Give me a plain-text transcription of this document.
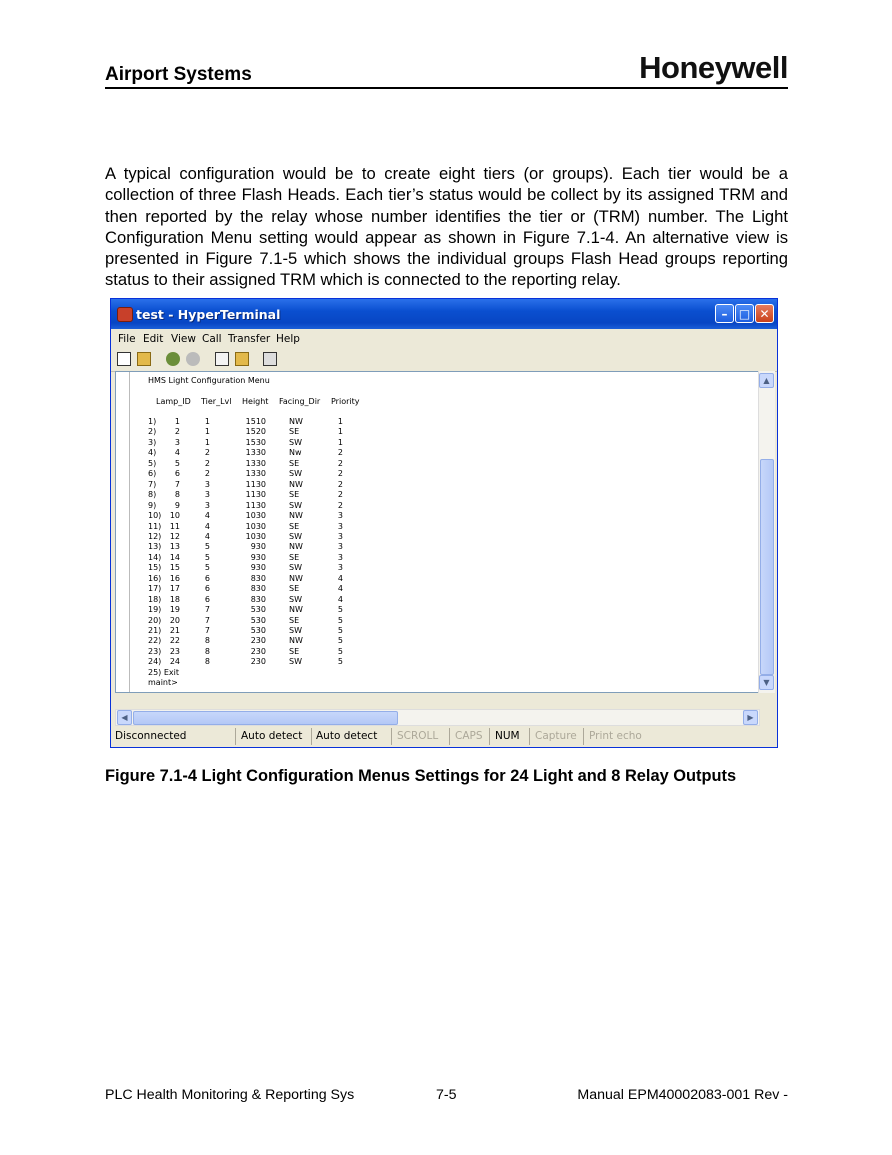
Airport Systems	Honeywell
A typical configuration would be to create eight tiers (or groups). Each tier would be a collection of three Flash Heads. Each tier’s status would be collect by its assigned TRM and then reported by the relay whose number identifies the tier or (TRM) number. The Light Configuration Menu setting would appear as shown in Figure 7.1-4. An alternative view is presented in Figure 7.1-5 which shows the individual groups Flash Head groups reporting status to their assigned TRM which is connected to the reporting relay.
test - HyperTerminal	– □ ✕
File Edit View Call Transfer Help
HMS Light Configuration Menu
Lamp_ID Tier_Lvl Height Facing_Dir Priority
1)	1	1	1510	NW	1
2)	2	1	1520	SE	1
3)	3	1	1530	SW	1
4)	4	2	1330	Nw	2
5)	5	2	1330	SE	2
6)	6	2	1330	SW	2
7)	7	3	1130	NW	2
8)	8	3	1130	SE	2
9)	9	3	1130	SW	2
10)	10	4	1030	NW	3
11)	11	4	1030	SE	3
12)	12	4	1030	SW	3
13)	13	5	930	NW	3
14)	14	5	930	SE	3
15)	15	5	930	SW	3
16)	16	6	830	NW	4
17)	17	6	830	SE	4
18)	18	6	830	SW	4
19)	19	7	530	NW	5
20)	20	7	530	SE	5
21)	21	7	530	SW	5
22)	22	8	230	NW	5
23)	23	8	230	SE	5
24)	24	8	230	SW	5
25) Exit
maint>
▲
▼
◀	▶
Disconnected	Auto detect Auto detect SCROLL CAPS NUM Capture Print echo
Figure 7.1-4 Light Configuration Menus Settings for 24 Light and 8 Relay Outputs
PLC Health Monitoring & Reporting Sys	7-5	Manual EPM40002083-001 Rev -
